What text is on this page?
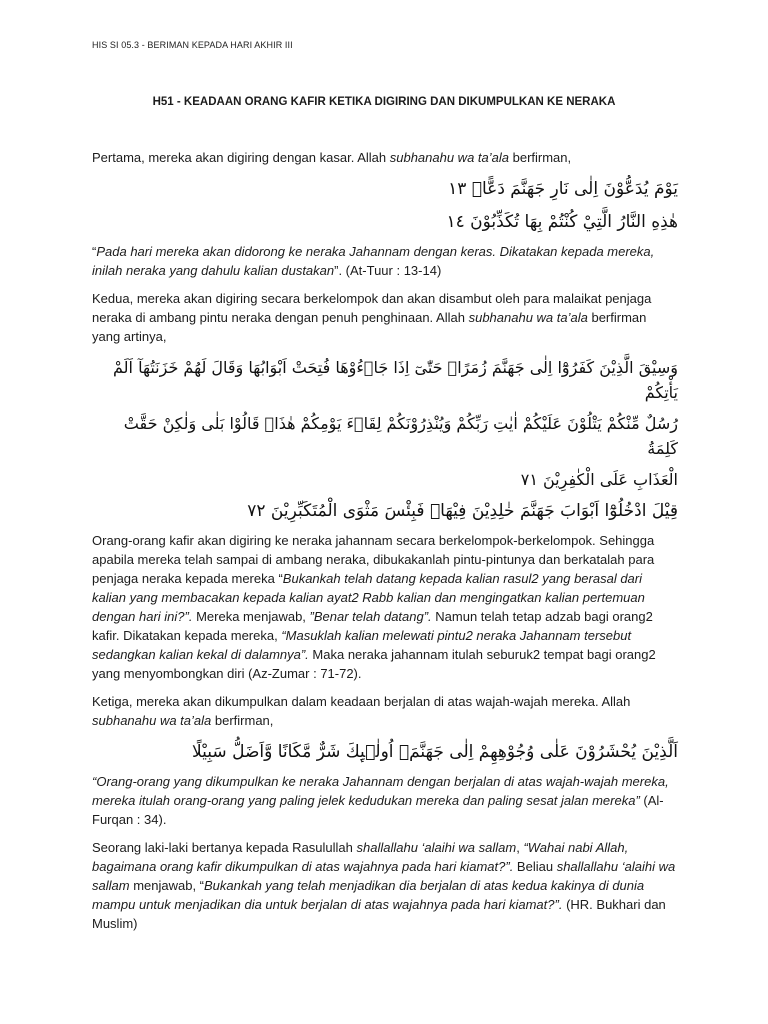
HIS SI 05.3 - BERIMAN KEPADA HARI AKHIR III
H51 - KEADAAN ORANG KAFIR KETIKA DIGIRING DAN DIKUMPULKAN KE NERAKA

Pertama, mereka akan digiring dengan kasar. Allah subhanahu wa ta’ala berfirman,

يَوْمَ يُدَعُّوْنَ اِلٰى نَارِ جَهَنَّمَ دَعًّاۗ ١٣
هٰذِهِ النَّارُ الَّتِيْ كُنْتُمْ بِهَا تُكَذِّبُوْنَ ١٤

“Pada hari mereka akan didorong ke neraka Jahannam dengan keras. Dikatakan kepada mereka, inilah neraka yang dahulu kalian dustakan”. (At-Tuur : 13-14)

Kedua, mereka akan digiring secara berkelompok dan akan disambut oleh para malaikat penjaga neraka di ambang pintu neraka dengan penuh penghinaan. Allah subhanahu wa ta’ala berfirman yang artinya,

وَسِيْقَ الَّذِيْنَ كَفَرُوْٓا اِلٰى جَهَنَّمَ زُمَرًاۗ حَتّٰىٓ اِذَا جَاۤءُوْهَا فُتِحَتْ اَبْوَابُهَا وَقَالَ لَهُمْ خَزَنَتُهَآ اَلَمْ يَأْتِكُمْ
رُسُلٌ مِّنْكُمْ يَتْلُوْنَ عَلَيْكُمْ اٰيٰتِ رَبِّكُمْ وَيُنْذِرُوْنَكُمْ لِقَاۤءَ يَوْمِكُمْ هٰذَاۗ قَالُوْا بَلٰى وَلٰكِنْ حَقَّتْ كَلِمَةُ
الْعَذَابِ عَلَى الْكٰفِرِيْنَ ٧١
قِيْلَ ادْخُلُوْٓا اَبْوَابَ جَهَنَّمَ خٰلِدِيْنَ فِيْهَاۚ فَبِئْسَ مَثْوَى الْمُتَكَبِّرِيْنَ ٧٢

Orang-orang kafir akan digiring ke neraka jahannam secara berkelompok-berkelompok. Sehingga apabila mereka telah sampai di ambang neraka, dibukakanlah pintu-pintunya dan berkatalah para penjaga neraka kepada mereka “Bukankah telah datang kepada kalian rasul2 yang berasal dari kalian yang membacakan kepada kalian ayat2 Rabb kalian dan mengingatkan kalian pertemuan dengan hari ini?”. Mereka menjawab, ”Benar telah datang”. Namun telah tetap adzab bagi orang2 kafir. Dikatakan kepada mereka, “Masuklah kalian melewati pintu2 neraka Jahannam tersebut sedangkan kalian kekal di dalamnya”. Maka neraka jahannam itulah seburuk2 tempat bagi orang2 yang menyombongkan diri (Az-Zumar : 71-72).

Ketiga, mereka akan dikumpulkan dalam keadaan berjalan di atas wajah-wajah mereka. Allah subhanahu wa ta’ala berfirman,

اَلَّذِيْنَ يُحْشَرُوْنَ عَلٰى وُجُوْهِهِمْ اِلٰى جَهَنَّمَۙ اُولٰۤىِٕكَ شَرٌّ مَّكَانًا وَّاَضَلُّ سَبِيْلًا

“Orang-orang yang dikumpulkan ke neraka Jahannam dengan berjalan di atas wajah-wajah mereka, mereka itulah orang-orang yang paling jelek kedudukan mereka dan paling sesat jalan mereka” (Al-Furqan : 34).

Seorang laki-laki bertanya kepada Rasulullah shallallahu ‘alaihi wa sallam, “Wahai nabi Allah, bagaimana orang kafir dikumpulkan di atas wajahnya pada hari kiamat?”. Beliau shallallahu ‘alaihi wa sallam menjawab, “Bukankah yang telah menjadikan dia berjalan di atas kedua kakinya di dunia mampu untuk menjadikan dia untuk berjalan di atas wajahnya pada hari kiamat?”. (HR. Bukhari dan Muslim)
